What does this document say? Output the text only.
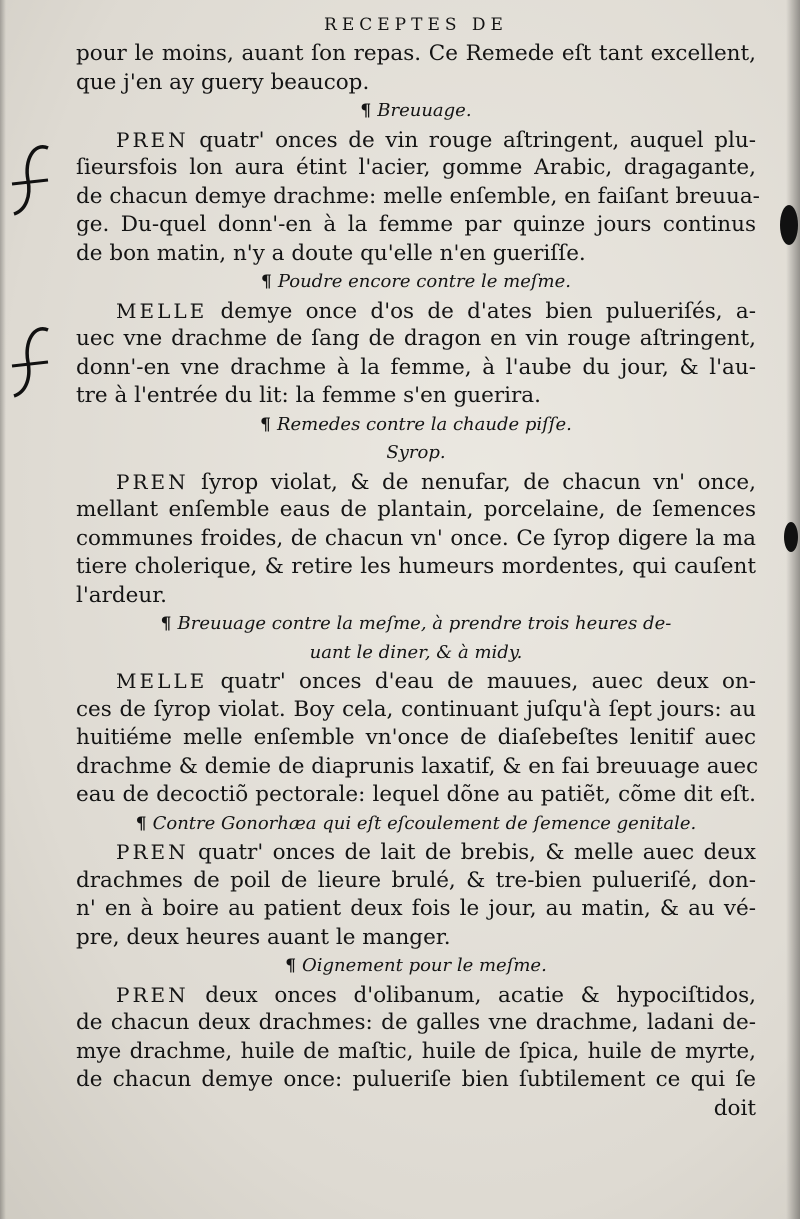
RECEPTES DE
pour le moins, auant ſon repas. Ce Remede eſt tant excellent,
que j'en ay guery beaucop.
¶ Breuuage.
PREN quatr' onces de vin rouge aſtringent, auquel plu-
ſieursfois lon aura étint l'acier, gomme Arabic, dragagante,
de chacun demye drachme: melle enſemble, en faiſant breuua-
ge. Du-quel donn'-en à la femme par quinze jours continus
de bon matin, n'y a doute qu'elle n'en gueriſſe.
¶ Poudre encore contre le meſme.
MELLE demye once d'os de d'ates bien pulueriſés, a-
uec vne drachme de ſang de dragon en vin rouge aſtringent,
donn'-en vne drachme à la femme, à l'aube du jour, & l'au-
tre à l'entrée du lit: la femme s'en guerira.
¶ Remedes contre la chaude piſſe.
Syrop.
PREN ſyrop violat, & de nenufar, de chacun vn' once,
mellant enſemble eaus de plantain, porcelaine, de ſemences
communes froides, de chacun vn' once. Ce ſyrop digere la ma
tiere cholerique, & retire les humeurs mordentes, qui cauſent
l'ardeur.
¶ Breuuage contre la meſme, à prendre trois heures de-
uant le diner, & à midy.
MELLE quatr' onces d'eau de mauues, auec deux on-
ces de ſyrop violat. Boy cela, continuant juſqu'à ſept jours: au
huitiéme melle enſemble vn'once de diaſebeſtes lenitif auec
drachme & demie de diaprunis laxatif, & en fai breuuage auec
eau de decoctiõ pectorale: lequel dõne au patiẽt, cõme dit eſt.
¶ Contre Gonorhæa qui eſt eſcoulement de ſemence genitale.
PREN quatr' onces de lait de brebis, & melle auec deux
drachmes de poil de lieure brulé, & tre-bien pulueriſé, don-
n' en à boire au patient deux fois le jour, au matin, & au vé-
pre, deux heures auant le manger.
¶ Oignement pour le meſme.
PREN deux onces d'olibanum, acatie & hypociſtidos,
de chacun deux drachmes: de galles vne drachme, ladani de-
mye drachme, huile de maſtic, huile de ſpica, huile de myrte,
de chacun demye once: pulueriſe bien ſubtilement ce qui ſe
doit
